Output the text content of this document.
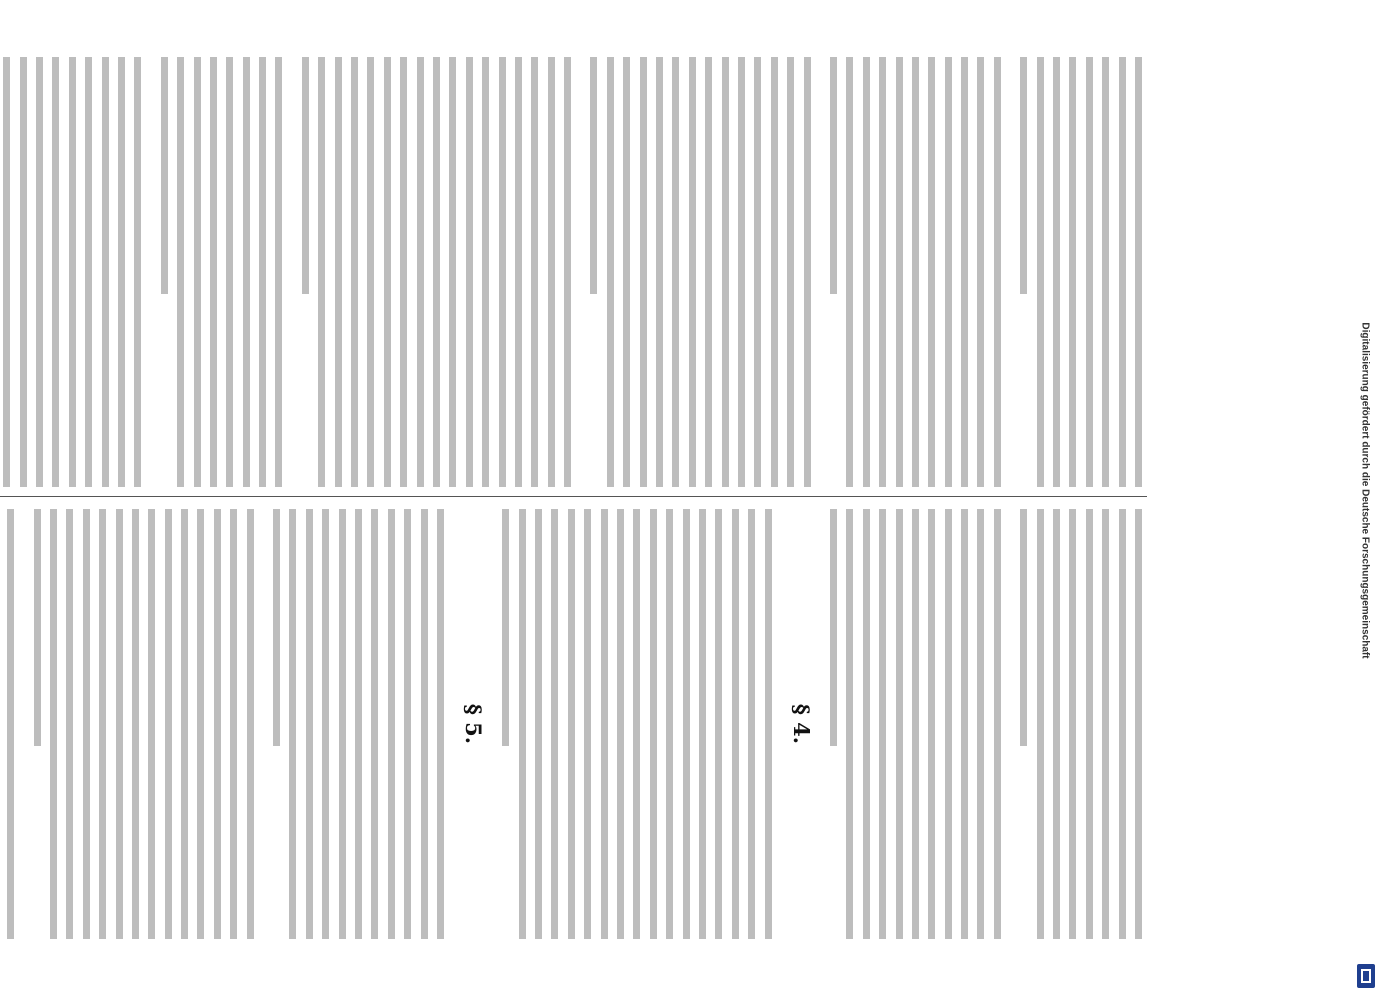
§ 4.

§ 5.

Digitalisierung gefördert durch die Deutsche Forschungsgemeinschaft
